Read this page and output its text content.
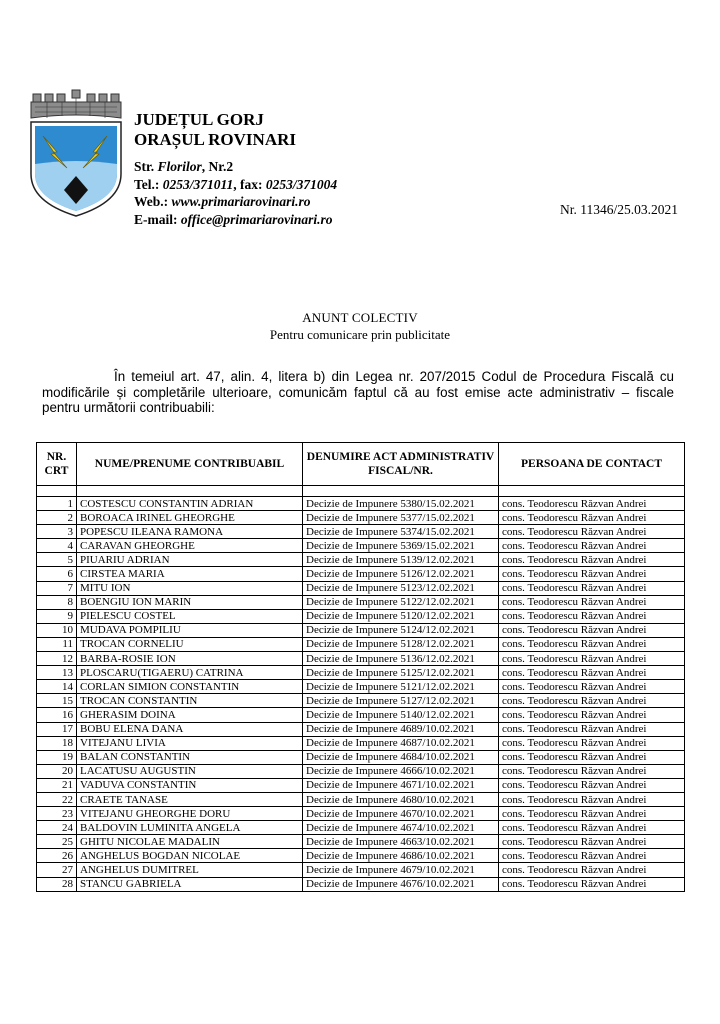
JUDEȚUL GORJ
ORAȘUL ROVINARI
Str. Florilor, Nr.2
Tel.: 0253/371011, fax: 0253/371004
Web.: www.primariarovinari.ro
E-mail: office@primariarovinari.ro
Nr. 11346/25.03.2021
ANUNT COLECTIV
Pentru comunicare prin publicitate
În temeiul art. 47, alin. 4, litera b) din Legea nr. 207/2015 Codul de Procedura Fiscală cu modificările și completările ulterioare, comunicăm faptul că au fost emise acte administrativ – fiscale pentru următorii contribuabili:
NR. CRT	NUME/PRENUME CONTRIBUABIL	DENUMIRE ACT ADMINISTRATIV FISCAL/NR.	PERSOANA DE CONTACT

1	COSTESCU CONSTANTIN ADRIAN	Decizie de Impunere 5380/15.02.2021	cons. Teodorescu Răzvan Andrei
2	BOROACA IRINEL GHEORGHE	Decizie de Impunere 5377/15.02.2021	cons. Teodorescu Răzvan Andrei
3	POPESCU ILEANA RAMONA	Decizie de Impunere 5374/15.02.2021	cons. Teodorescu Răzvan Andrei
4	CARAVAN GHEORGHE	Decizie de Impunere 5369/15.02.2021	cons. Teodorescu Răzvan Andrei
5	PIUARIU ADRIAN	Decizie de Impunere 5139/12.02.2021	cons. Teodorescu Răzvan Andrei
6	CIRSTEA MARIA	Decizie de Impunere 5126/12.02.2021	cons. Teodorescu Răzvan Andrei
7	MITU ION	Decizie de Impunere 5123/12.02.2021	cons. Teodorescu Răzvan Andrei
8	BOENGIU ION MARIN	Decizie de Impunere 5122/12.02.2021	cons. Teodorescu Răzvan Andrei
9	PIELESCU COSTEL	Decizie de Impunere 5120/12.02.2021	cons. Teodorescu Răzvan Andrei
10	MUDAVA POMPILIU	Decizie de Impunere 5124/12.02.2021	cons. Teodorescu Răzvan Andrei
11	TROCAN CORNELIU	Decizie de Impunere 5128/12.02.2021	cons. Teodorescu Răzvan Andrei
12	BARBA-ROSIE ION	Decizie de Impunere 5136/12.02.2021	cons. Teodorescu Răzvan Andrei
13	PLOSCARU(TIGAERU) CATRINA	Decizie de Impunere 5125/12.02.2021	cons. Teodorescu Răzvan Andrei
14	CORLAN SIMION CONSTANTIN	Decizie de Impunere 5121/12.02.2021	cons. Teodorescu Răzvan Andrei
15	TROCAN CONSTANTIN	Decizie de Impunere 5127/12.02.2021	cons. Teodorescu Răzvan Andrei
16	GHERASIM DOINA	Decizie de Impunere 5140/12.02.2021	cons. Teodorescu Răzvan Andrei
17	BOBU ELENA DANA	Decizie de Impunere 4689/10.02.2021	cons. Teodorescu Răzvan Andrei
18	VITEJANU LIVIA	Decizie de Impunere 4687/10.02.2021	cons. Teodorescu Răzvan Andrei
19	BALAN CONSTANTIN	Decizie de Impunere 4684/10.02.2021	cons. Teodorescu Răzvan Andrei
20	LACATUSU AUGUSTIN	Decizie de Impunere 4666/10.02.2021	cons. Teodorescu Răzvan Andrei
21	VADUVA CONSTANTIN	Decizie de Impunere 4671/10.02.2021	cons. Teodorescu Răzvan Andrei
22	CRAETE TANASE	Decizie de Impunere 4680/10.02.2021	cons. Teodorescu Răzvan Andrei
23	VITEJANU GHEORGHE DORU	Decizie de Impunere 4670/10.02.2021	cons. Teodorescu Răzvan Andrei
24	BALDOVIN LUMINITA ANGELA	Decizie de Impunere 4674/10.02.2021	cons. Teodorescu Răzvan Andrei
25	GHITU NICOLAE MADALIN	Decizie de Impunere 4663/10.02.2021	cons. Teodorescu Răzvan Andrei
26	ANGHELUS BOGDAN NICOLAE	Decizie de Impunere 4686/10.02.2021	cons. Teodorescu Răzvan Andrei
27	ANGHELUS DUMITREL	Decizie de Impunere 4679/10.02.2021	cons. Teodorescu Răzvan Andrei
28	STANCU GABRIELA	Decizie de Impunere 4676/10.02.2021	cons. Teodorescu Răzvan Andrei
